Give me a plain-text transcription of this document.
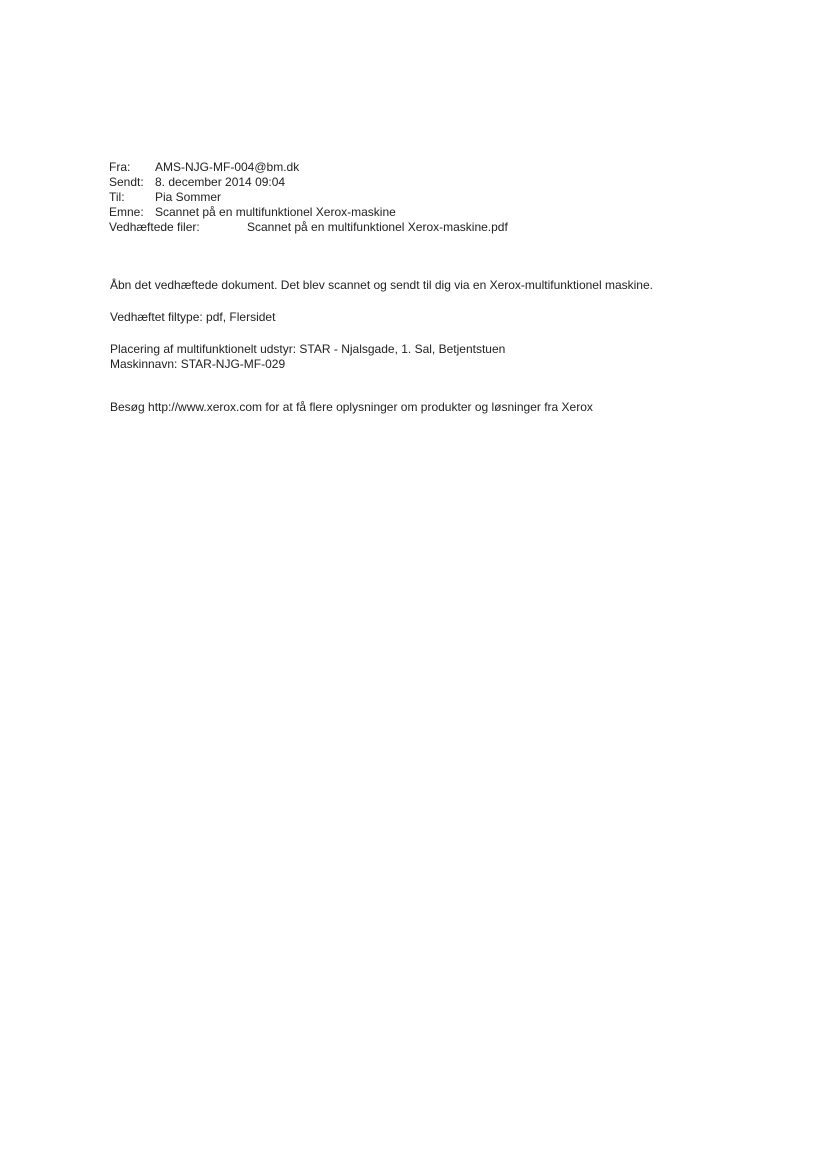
Fra: AMS-NJG-MF-004@bm.dk
Sendt: 8. december 2014 09:04
Til:	Pia Sommer
Emne: Scannet på en multifunktionel Xerox-maskine
Vedhæftede filer:	Scannet på en multifunktionel Xerox-maskine.pdf

Åbn det vedhæftede dokument. Det blev scannet og sendt til dig via en Xerox-multifunktionel maskine.

Vedhæftet filtype: pdf, Flersidet

Placering af multifunktionelt udstyr: STAR - Njalsgade, 1. Sal, Betjentstuen

Maskinnavn: STAR-NJG-MF-029

Besøg http://www.xerox.com for at få flere oplysninger om produkter og løsninger fra Xerox
